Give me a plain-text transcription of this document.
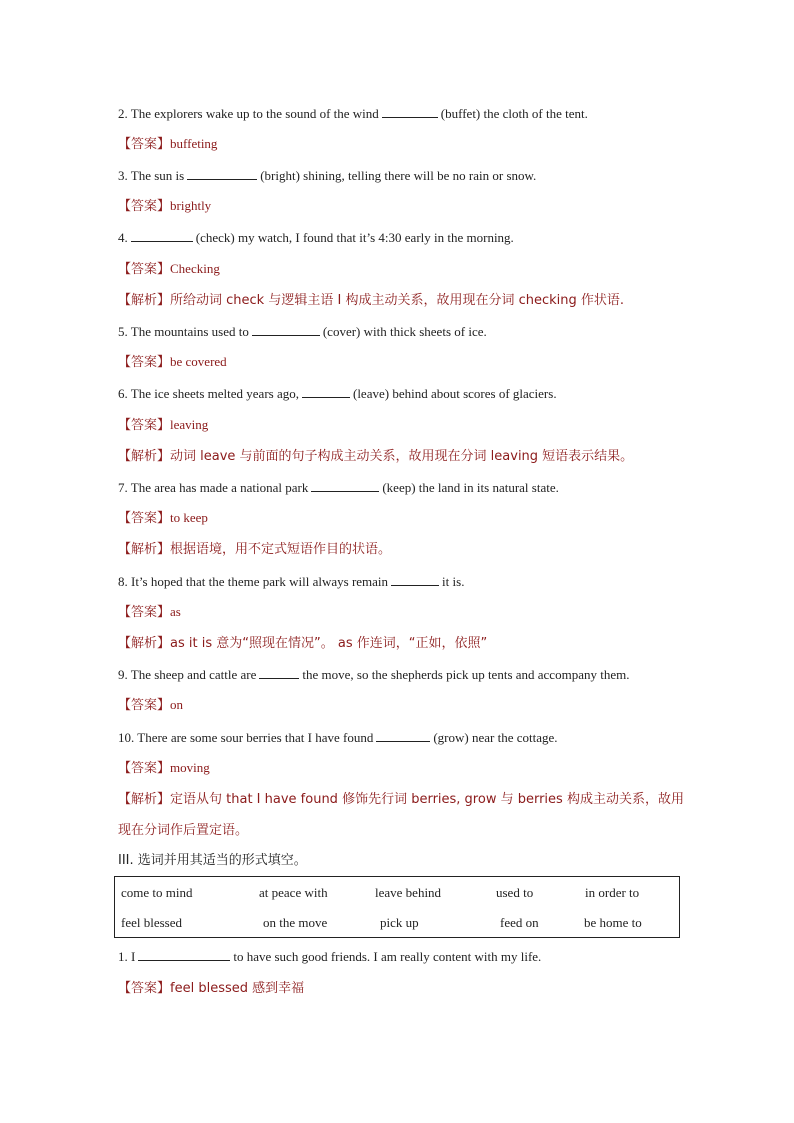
2. The explorers wake up to the sound of the wind	(buffet) the cloth of the tent.
【答案】buffeting
3. The sun is	(bright) shining, telling there will be no rain or snow.
【答案】brightly
4.	(check) my watch, I found that it’s 4:30 early in the morning.
【答案】Checking
【解析】所给动词 check 与逻辑主语 I 构成主动关系，故用现在分词 checking 作状语.
5. The mountains used to	(cover) with thick sheets of ice.
【答案】be covered
6. The ice sheets melted years ago,	(leave) behind about scores of glaciers.
【答案】leaving
【解析】动词 leave 与前面的句子构成主动关系，故用现在分词 leaving 短语表示结果。
7. The area has made a national park	(keep) the land in its natural state.
【答案】to keep
【解析】根据语境，用不定式短语作目的状语。
8. It’s hoped that the theme park will always remain	it is.
【答案】as
【解析】as it is 意为“照现在情况”。 as 作连词，“正如，依照”
9. The sheep and cattle are	the move, so the shepherds pick up tents and accompany them.
【答案】on
10. There are some sour berries that I have found	(grow) near the cottage.
【答案】moving
【解析】定语从句 that I have found 修饰先行词 berries, grow 与 berries 构成主动关系，故用
现在分词作后置定语。
III. 选词并用其适当的形式填空。
come to mind	at peace with	leave behind	used to	in order to
feel blessed	on the move	pick up	feed on	be home to
1. I	to have such good friends. I am really content with my life.
【答案】feel blessed 感到幸福
